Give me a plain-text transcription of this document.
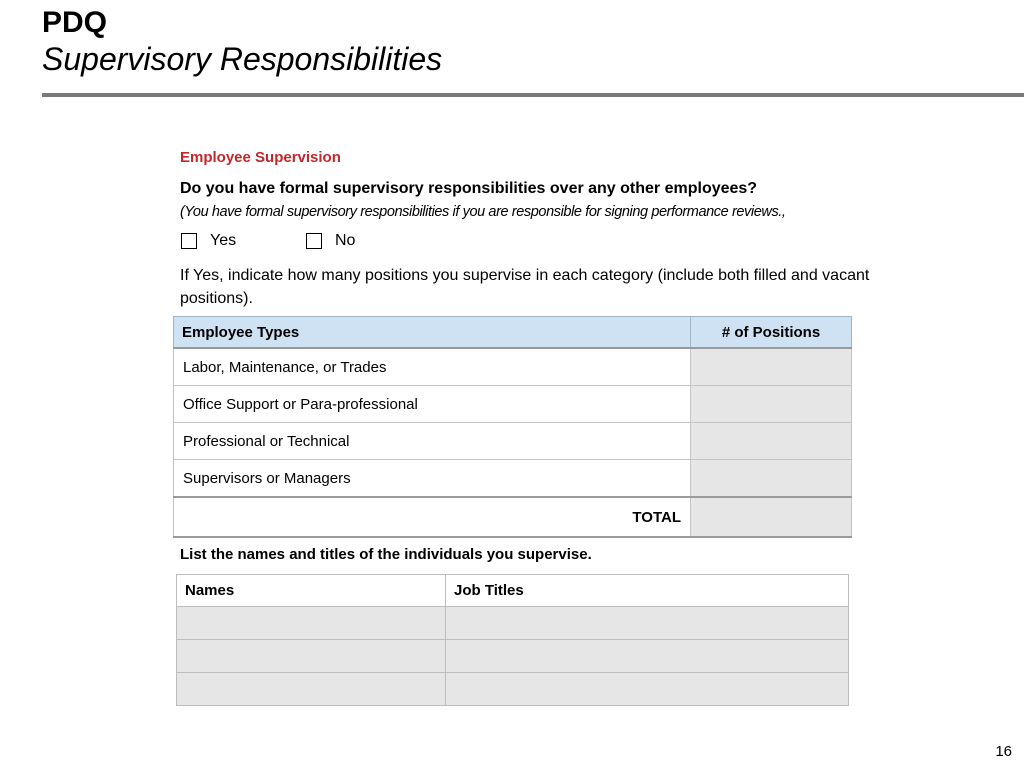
PDQ
Supervisory Responsibilities
Employee Supervision
Do you have formal supervisory responsibilities over any other employees?
(You have formal supervisory responsibilities if you are responsible for signing performance reviews.,
Yes	No
If Yes, indicate how many positions you supervise in each category (include both filled and vacant positions).
Employee Types	# of Positions
Labor, Maintenance, or Trades	
Office Support or Para-professional	
Professional or Technical	
Supervisors or Managers	
TOTAL	
List the names and titles of the individuals you supervise.
Names	Job Titles

16
